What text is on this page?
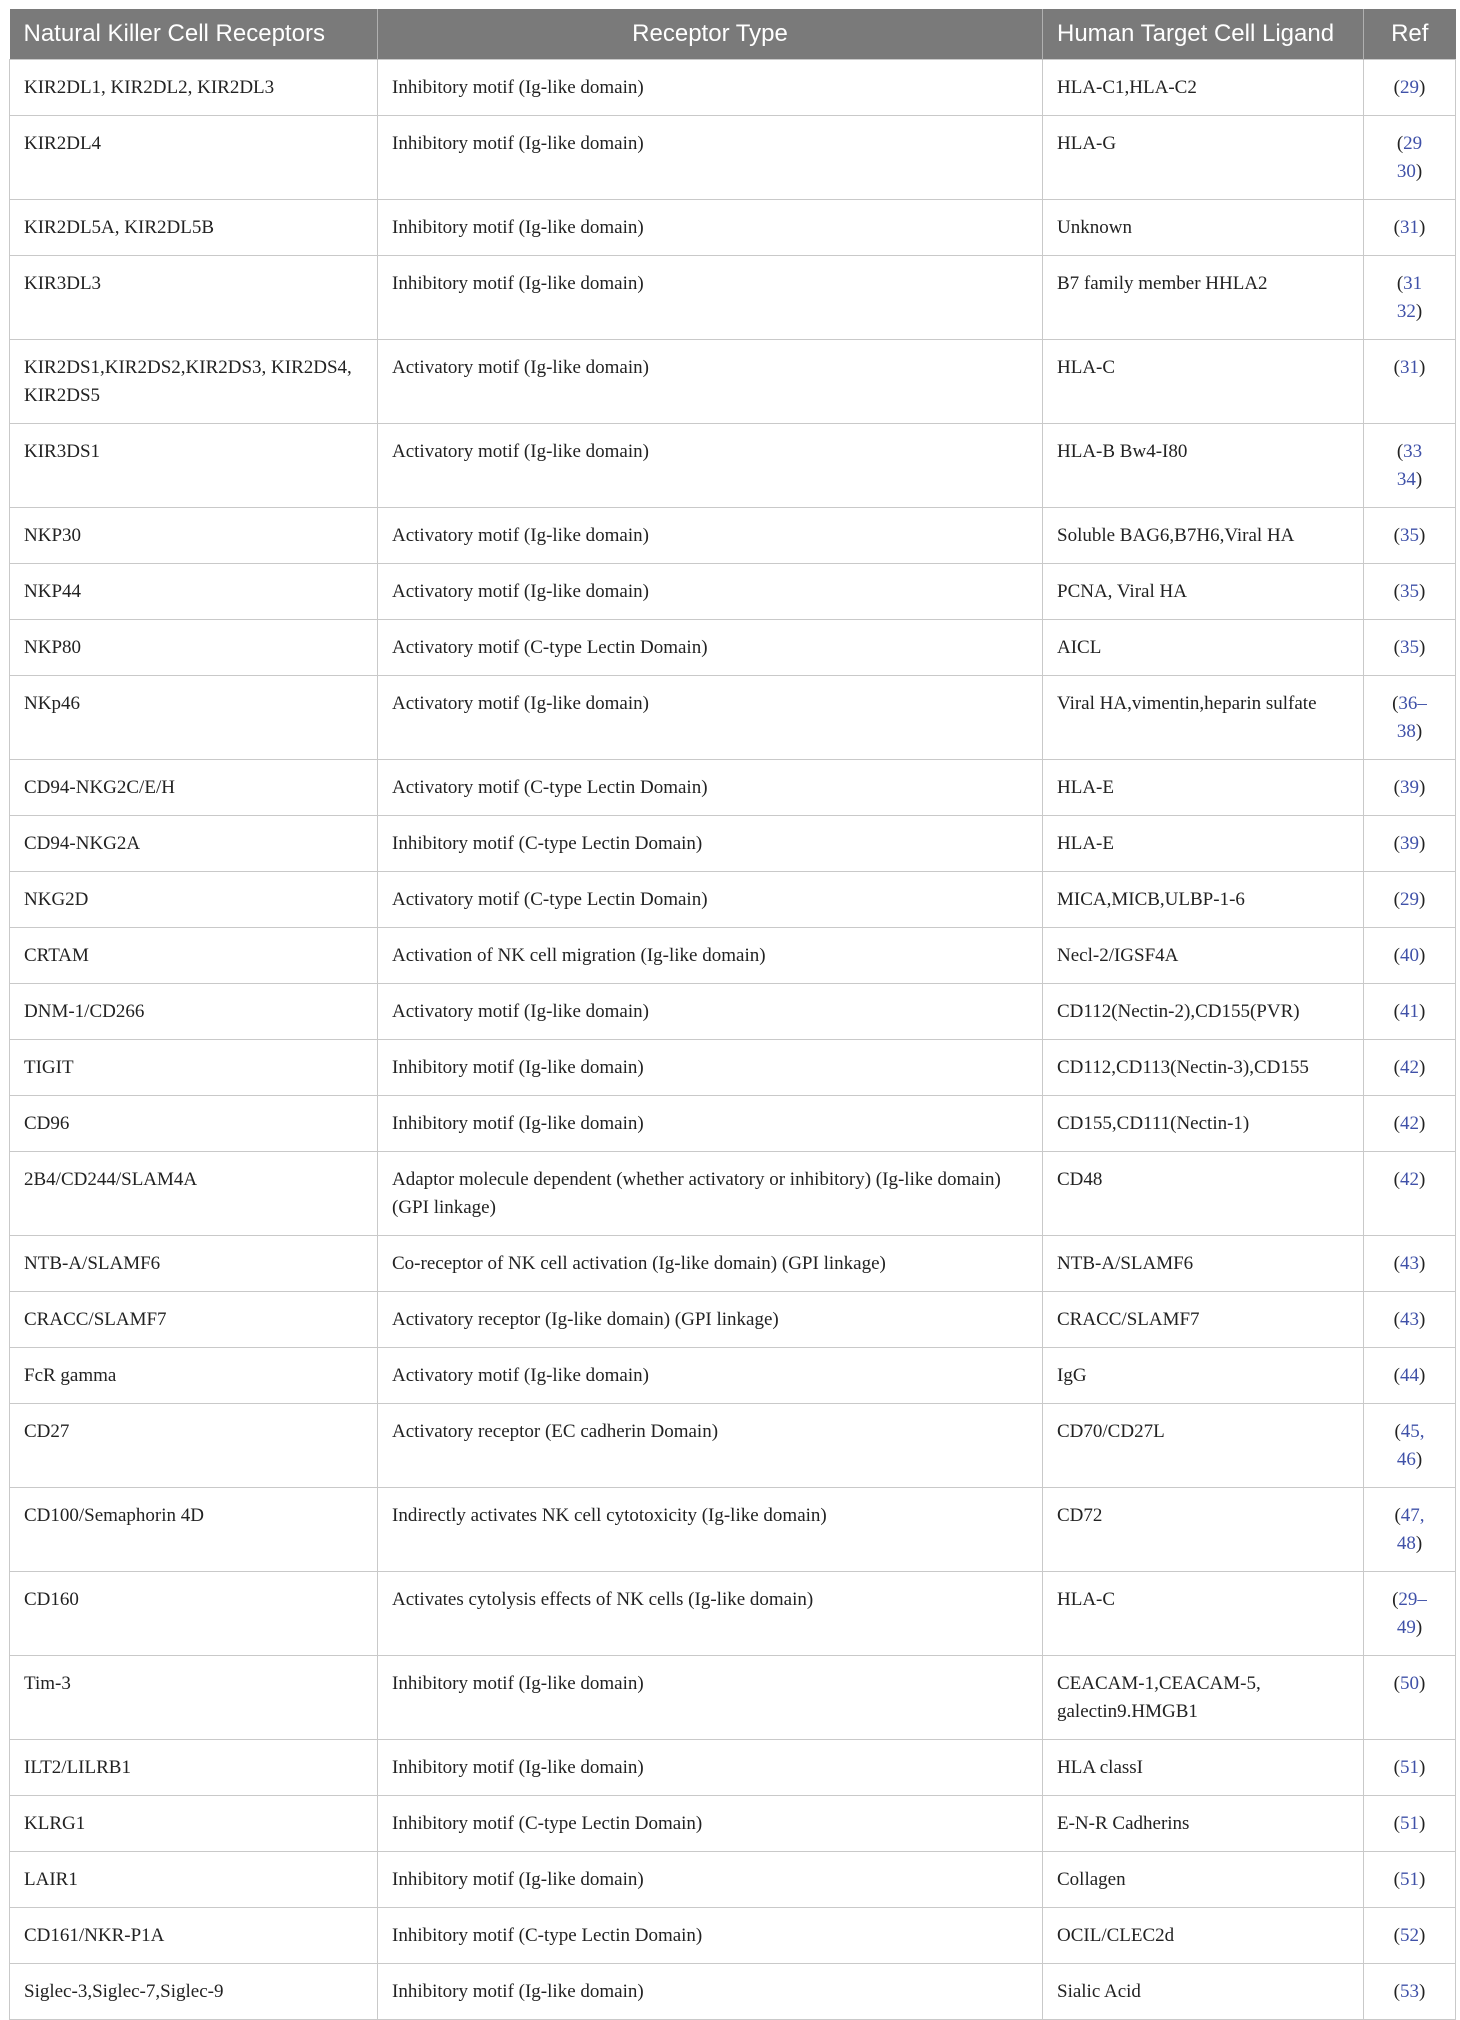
Natural Killer Cell Receptors	Receptor Type	Human Target Cell Ligand	Ref
KIR2DL1, KIR2DL2, KIR2DL3	Inhibitory motif (Ig-like domain)	HLA-C1,HLA-C2	(29)
KIR2DL4	Inhibitory motif (Ig-like domain)	HLA-G	(29
30)
KIR2DL5A, KIR2DL5B	Inhibitory motif (Ig-like domain)	Unknown	(31)
KIR3DL3	Inhibitory motif (Ig-like domain)	B7 family member HHLA2	(31
32)
KIR2DS1,KIR2DS2,KIR2DS3, KIR2DS4, KIR2DS5	Activatory motif (Ig-like domain)	HLA-C	(31)
KIR3DS1	Activatory motif (Ig-like domain)	HLA-B Bw4-I80	(33
34)
NKP30	Activatory motif (Ig-like domain)	Soluble BAG6,B7H6,Viral HA	(35)
NKP44	Activatory motif (Ig-like domain)	PCNA, Viral HA	(35)
NKP80	Activatory motif (C-type Lectin Domain)	AICL	(35)
NKp46	Activatory motif (Ig-like domain)	Viral HA,vimentin,heparin sulfate	(36–
38)
CD94-NKG2C/E/H	Activatory motif (C-type Lectin Domain)	HLA-E	(39)
CD94-NKG2A	Inhibitory motif (C-type Lectin Domain)	HLA-E	(39)
NKG2D	Activatory motif (C-type Lectin Domain)	MICA,MICB,ULBP-1-6	(29)
CRTAM	Activation of NK cell migration (Ig-like domain)	Necl-2/IGSF4A	(40)
DNM-1/CD266	Activatory motif (Ig-like domain)	CD112(Nectin-2),CD155(PVR)	(41)
TIGIT	Inhibitory motif (Ig-like domain)	CD112,CD113(Nectin-3),CD155	(42)
CD96	Inhibitory motif (Ig-like domain)	CD155,CD111(Nectin-1)	(42)
2B4/CD244/SLAM4A	Adaptor molecule dependent (whether activatory or inhibitory) (Ig-like domain) (GPI linkage)	CD48	(42)
NTB-A/SLAMF6	Co-receptor of NK cell activation (Ig-like domain) (GPI linkage)	NTB-A/SLAMF6	(43)
CRACC/SLAMF7	Activatory receptor (Ig-like domain) (GPI linkage)	CRACC/SLAMF7	(43)
FcR gamma	Activatory motif (Ig-like domain)	IgG	(44)
CD27	Activatory receptor (EC cadherin Domain)	CD70/CD27L	(45,
46)
CD100/Semaphorin 4D	Indirectly activates NK cell cytotoxicity (Ig-like domain)	CD72	(47,
48)
CD160	Activates cytolysis effects of NK cells (Ig-like domain)	HLA-C	(29–
49)
Tim-3	Inhibitory motif (Ig-like domain)	CEACAM-1,CEACAM-5, galectin9.HMGB1	(50)
ILT2/LILRB1	Inhibitory motif (Ig-like domain)	HLA classI	(51)
KLRG1	Inhibitory motif (C-type Lectin Domain)	E-N-R Cadherins	(51)
LAIR1	Inhibitory motif (Ig-like domain)	Collagen	(51)
CD161/NKR-P1A	Inhibitory motif (C-type Lectin Domain)	OCIL/CLEC2d	(52)
Siglec-3,Siglec-7,Siglec-9	Inhibitory motif (Ig-like domain)	Sialic Acid	(53)
